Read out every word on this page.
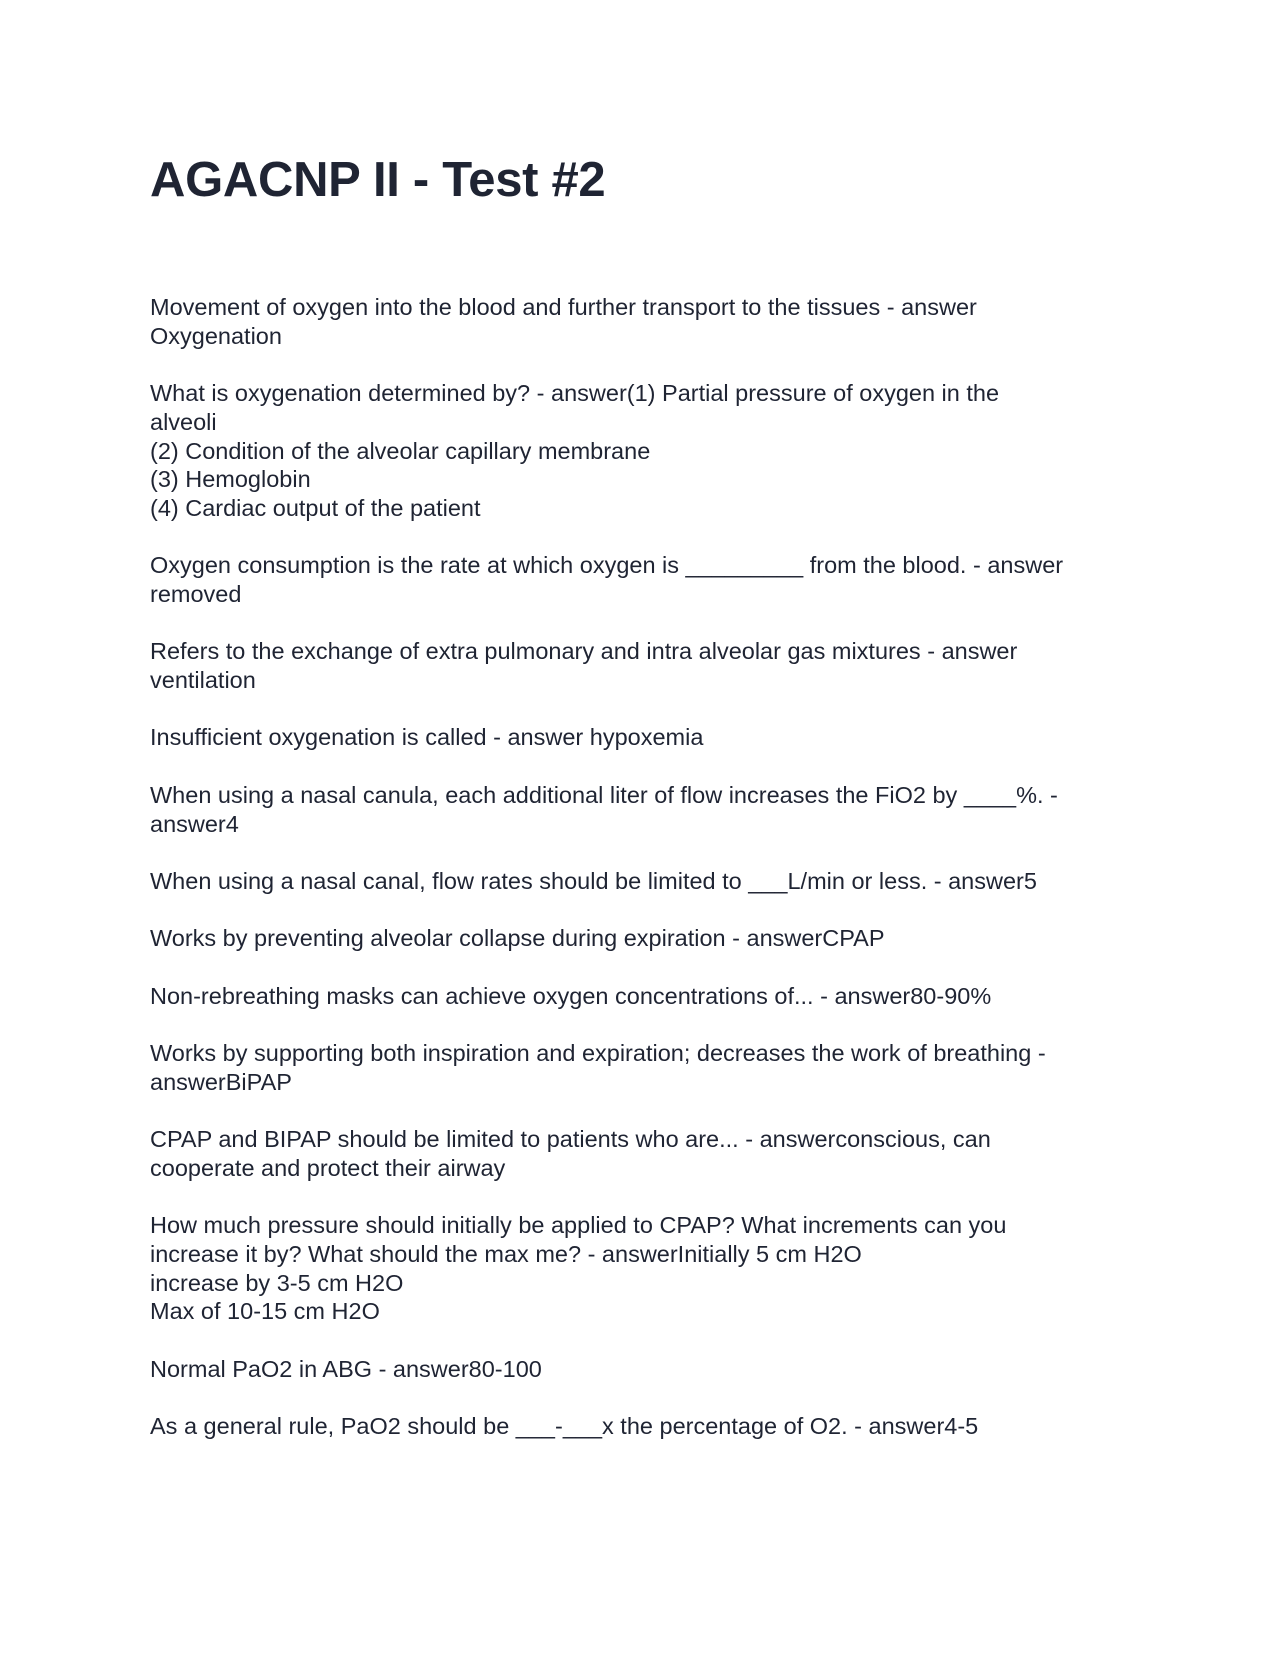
AGACNP II - Test #2
Movement of oxygen into the blood and further transport to the tissues - answer
Oxygenation
What is oxygenation determined by? - answer(1) Partial pressure of oxygen in the
alveoli
(2) Condition of the alveolar capillary membrane
(3) Hemoglobin
(4) Cardiac output of the patient
Oxygen consumption is the rate at which oxygen is _________ from the blood. - answer
removed
Refers to the exchange of extra pulmonary and intra alveolar gas mixtures - answer
ventilation
Insufficient oxygenation is called - answer hypoxemia
When using a nasal canula, each additional liter of flow increases the FiO2 by ____%. -
answer4
When using a nasal canal, flow rates should be limited to ___L/min or less. - answer5
Works by preventing alveolar collapse during expiration - answerCPAP
Non-rebreathing masks can achieve oxygen concentrations of... - answer80-90%
Works by supporting both inspiration and expiration; decreases the work of breathing -
answerBiPAP
CPAP and BIPAP should be limited to patients who are... - answerconscious, can
cooperate and protect their airway
How much pressure should initially be applied to CPAP? What increments can you
increase it by? What should the max me? - answerInitially 5 cm H2O
increase by 3-5 cm H2O
Max of 10-15 cm H2O
Normal PaO2 in ABG - answer80-100
As a general rule, PaO2 should be ___-___x the percentage of O2. - answer4-5
